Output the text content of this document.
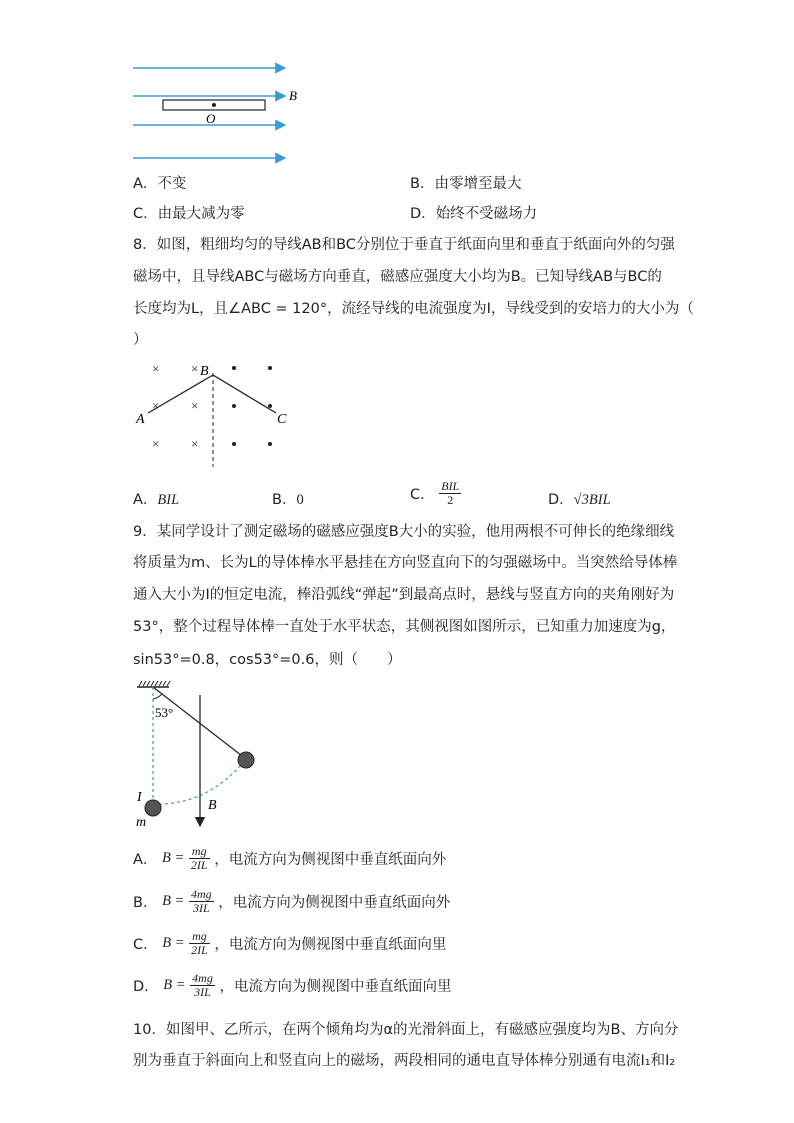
B
O
A．不变	B．由零增至最大
C．由最大减为零	D．始终不受磁场力
8．如图，粗细均匀的导线AB和BC分别位于垂直于纸面向里和垂直于纸面向外的匀强
磁场中，且导线ABC与磁场方向垂直，磁感应强度大小均为B。已知导线AB与BC的
长度均为L，且∠ABC = 120°，流经导线的电流强度为I，导线受到的安培力的大小为（
）
× ×
× ×
× ×
A
B
C
A．BIL	B．0	C． $\frac{\text{BIL}}{2}$	D．√3BIL
9．某同学设计了测定磁场的磁感应强度B大小的实验，他用两根不可伸长的绝缘细线
将质量为m、长为L的导体棒水平悬挂在方向竖直向下的匀强磁场中。当突然给导体棒
通入大小为I的恒定电流，棒沿弧线“弹起”到最高点时，悬线与竖直方向的夹角刚好为
53°，整个过程导体棒一直处于水平状态，其侧视图如图所示，已知重力加速度为g，
sin53°=0.8，cos53°=0.6，则（　　）
53°
I
m
B
A． $B = \frac{mg}{2IL}$ ，电流方向为侧视图中垂直纸面向外
B． $B = \frac{4mg}{3IL}$ ，电流方向为侧视图中垂直纸面向外
C． $B = \frac{mg}{2IL}$ ，电流方向为侧视图中垂直纸面向里
D． $B = \frac{4mg}{3IL}$ ，电流方向为侧视图中垂直纸面向里
10．如图甲、乙所示，在两个倾角均为α的光滑斜面上，有磁感应强度均为B、方向分
别为垂直于斜面向上和竖直向上的磁场，两段相同的通电直导体棒分别通有电流I₁和I₂
